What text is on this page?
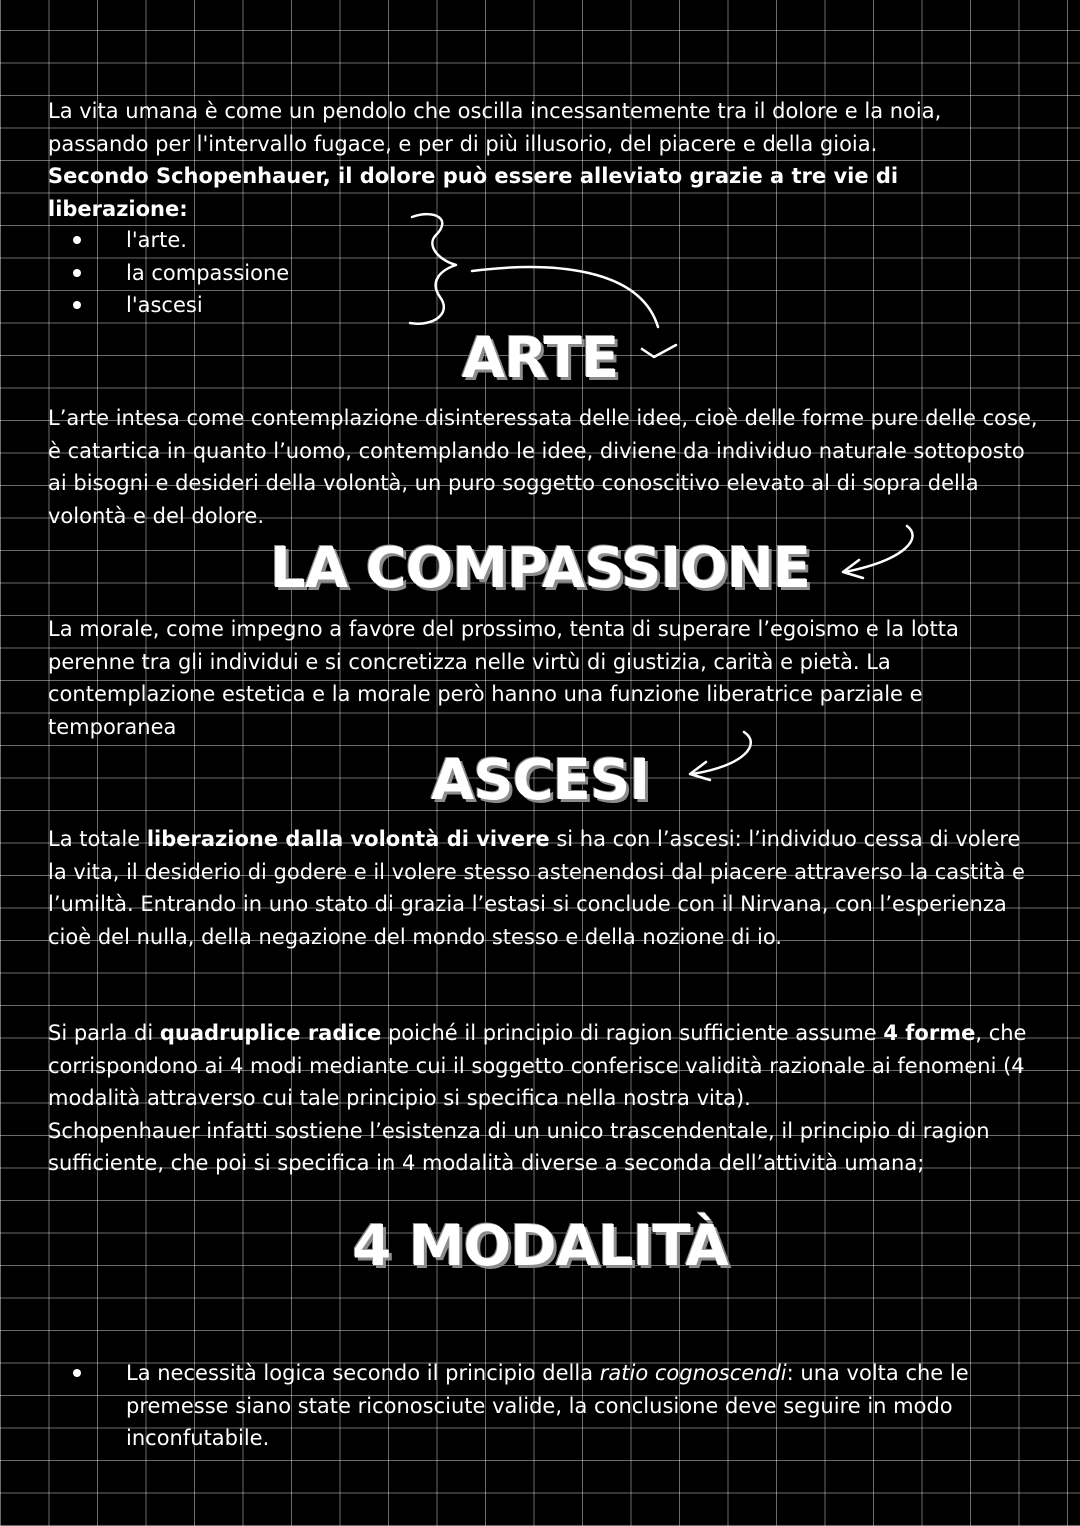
La vita umana è come un pendolo che oscilla incessantemente tra il dolore e la noia, passando per l'intervallo fugace, e per di più illusorio, del piacere e della gioia.
Secondo Schopenhauer, il dolore può essere alleviato grazie a tre vie di liberazione:

l'arte.
la compassione
l'ascesi
ARTE

L’arte intesa come contemplazione disinteressata delle idee, cioè delle forme pure delle cose, è catartica in quanto l’uomo, contemplando le idee, diviene da individuo naturale sottoposto ai bisogni e desideri della volontà, un puro soggetto conoscitivo elevato al di sopra della volontà e del dolore.

LA COMPASSIONE

La morale, come impegno a favore del prossimo, tenta di superare l’egoismo e la lotta perenne tra gli individui e si concretizza nelle virtù di giustizia, carità e pietà. La contemplazione estetica e la morale però hanno una funzione liberatrice parziale e temporanea

ASCESI

La totale liberazione dalla volontà di vivere si ha con l’ascesi: l’individuo cessa di volere la vita, il desiderio di godere e il volere stesso astenendosi dal piacere attraverso la castità e l’umiltà. Entrando in uno stato di grazia l’estasi si conclude con il Nirvana, con l’esperienza cioè del nulla, della negazione del mondo stesso e della nozione di io.

Si parla di quadruplice radice poiché il principio di ragion sufficiente assume 4 forme, che corrispondono ai 4 modi mediante cui il soggetto conferisce validità razionale ai fenomeni (4 modalità attraverso cui tale principio si specifica nella nostra vita).
Schopenhauer infatti sostiene l’esistenza di un unico trascendentale, il principio di ragion sufficiente, che poi si specifica in 4 modalità diverse a seconda dell’attività umana;

4 MODALITÀ
La necessità logica secondo il principio della ratio cognoscendi: una volta che le premesse siano state riconosciute valide, la conclusione deve seguire in modo inconfutabile.
